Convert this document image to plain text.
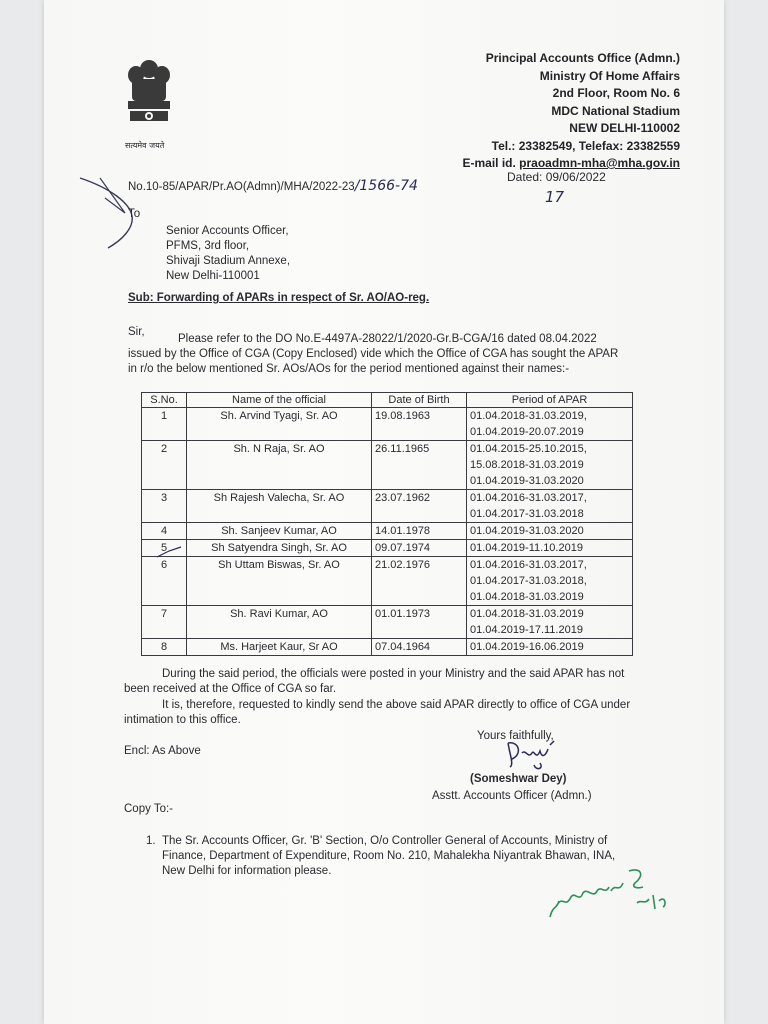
सत्यमेव जयते
Principal Accounts Office (Admn.)
Ministry Of Home Affairs
2nd Floor, Room No. 6
MDC National Stadium
NEW DELHI-110002
Tel.: 23382549, Telefax: 23382559
E-mail id. praoadmn-mha@mha.gov.in
No.10-85/APAR/Pr.AO(Admn)/MHA/2022-23/1566-74
Dated: 09/06/2022
17
To
Senior Accounts Officer,
PFMS, 3rd floor,
Shivaji Stadium Annexe,
New Delhi-110001
Sub: Forwarding of APARs in respect of Sr. AO/AO-reg.
Sir,
Please refer to the DO No.E-4497A-28022/1/2020-Gr.B-CGA/16 dated 08.04.2022 issued by the Office of CGA (Copy Enclosed) vide which the Office of CGA has sought the APAR in r/o the below mentioned Sr. AOs/AOs for the period mentioned against their names:-
S.No.	Name of the official	Date of Birth	Period of APAR
1	Sh. Arvind Tyagi, Sr. AO	19.08.1963	01.04.2018-31.03.2019,
01.04.2019-20.07.2019

2	Sh. N Raja, Sr. AO	26.11.1965	01.04.2015-25.10.2015,
15.08.2018-31.03.2019
01.04.2019-31.03.2020

3	Sh Rajesh Valecha, Sr. AO	23.07.1962	01.04.2016-31.03.2017,
01.04.2017-31.03.2018

4	Sh. Sanjeev Kumar, AO	14.01.1978	01.04.2019-31.03.2020

5	Sh Satyendra Singh, Sr. AO	09.07.1974	01.04.2019-11.10.2019

6	Sh Uttam Biswas, Sr. AO	21.02.1976	01.04.2016-31.03.2017,
01.04.2017-31.03.2018,
01.04.2018-31.03.2019

7	Sh. Ravi Kumar, AO	01.01.1973	01.04.2018-31.03.2019
01.04.2019-17.11.2019

8	Ms. Harjeet Kaur, Sr AO	07.04.1964	01.04.2019-16.06.2019
During the said period, the officials were posted in your Ministry and the said APAR has not been received at the Office of CGA so far.
It is, therefore, requested to kindly send the above said APAR directly to office of CGA under intimation to this office.
Encl: As Above
Yours faithfully,
(Someshwar Dey)
Asstt. Accounts Officer (Admn.)
Copy To:-
1. The Sr. Accounts Officer, Gr. 'B' Section, O/o Controller General of Accounts, Ministry of Finance, Department of Expenditure, Room No. 210, Mahalekha Niyantrak Bhawan, INA, New Delhi for information please.
